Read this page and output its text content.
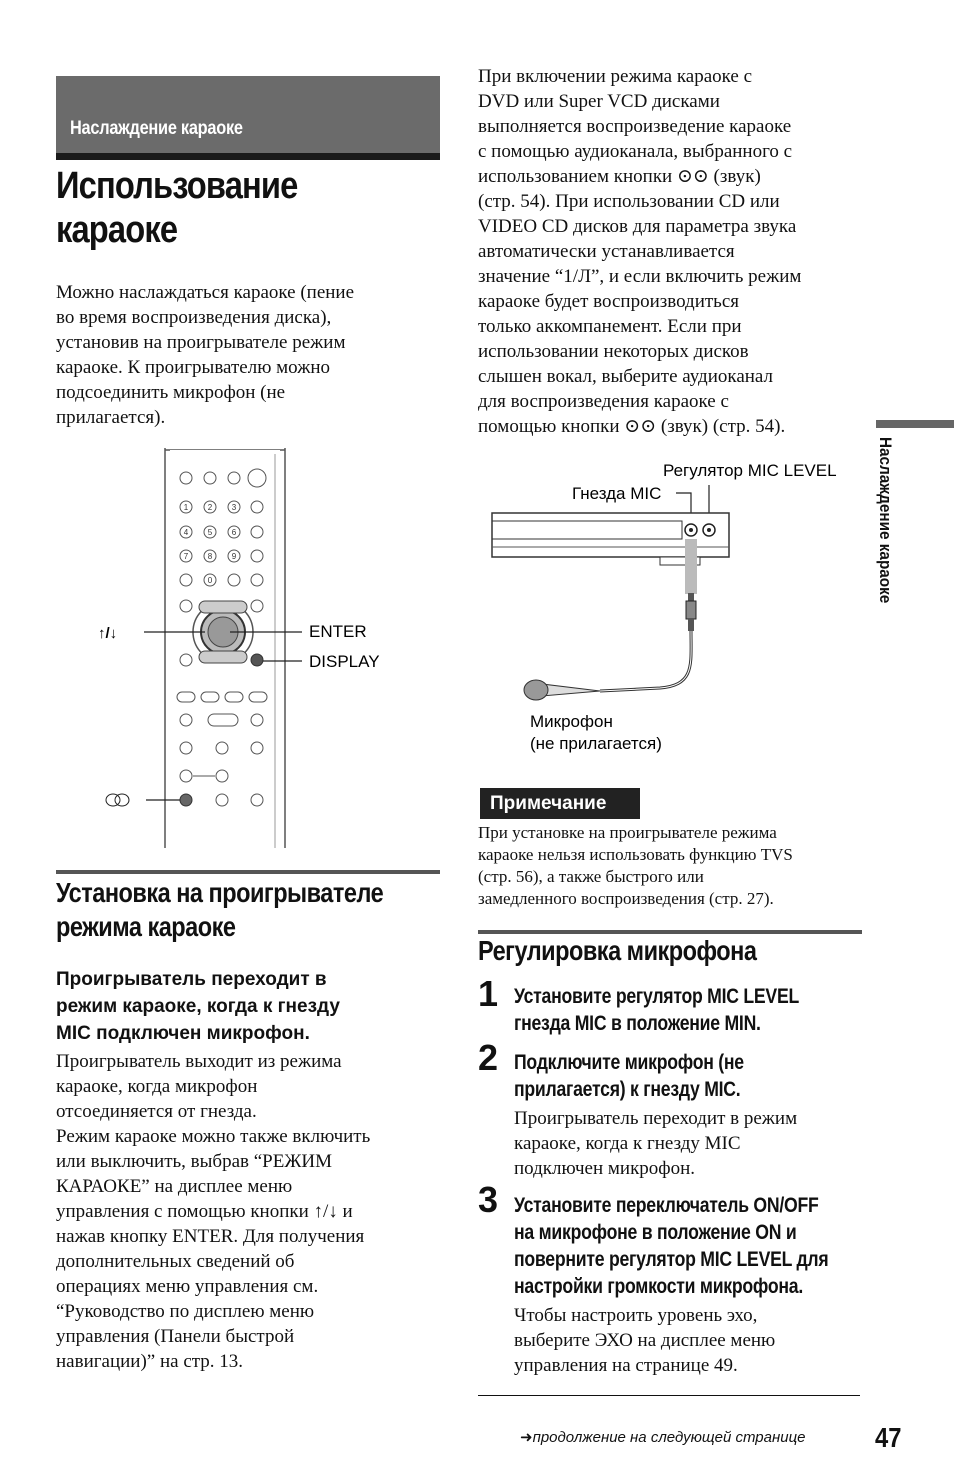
Наслаждение караоке
Использование
караоке
Можно наслаждаться караоке (пение
во время воспроизведения диска),
установив на проигрывателе режим
караоке. К проигрывателю можно
подсоединить микрофон (не
прилагается).
1 2 3
4 5 6
7 8 9
0
↑/↓	ENTER
DISPLAY
Установка на проигрывателе
режима караоке
Проигрыватель переходит в
режим караоке, когда к гнезду
MIC подключен микрофон.
Проигрыватель выходит из режима
караоке, когда микрофон
отсоединяется от гнезда.
Режим караоке можно также включить
или выключить, выбрав “РЕЖИМ
КАРАОКЕ” на дисплее меню
управления с помощью кнопки ↑/↓ и
нажав кнопку ENTER. Для получения
дополнительных сведений об
операциях меню управления см.
“Руководство по дисплею меню
управления (Панели быстрой
навигации)” на стр. 13.
При включении режима караоке с
DVD или Super VCD дисками
выполняется воспроизведение караоке
с помощью аудиоканала, выбранного с
использованием кнопки ⊙⊙ (звук)
(стр. 54). При использовании CD или
VIDEO CD дисков для параметра звука
автоматически устанавливается
значение “1/Л”, и если включить режим
караоке будет воспроизводиться
только аккомпанемент. Если при
использовании некоторых дисков
слышен вокал, выберите аудиоканал
для воспроизведения караоке с
помощью кнопки ⊙⊙ (звук) (стр. 54).
Регулятор MIC LEVEL
Гнезда MIC
Микрофон
(не прилагается)
Примечание
При установке на проигрывателе режима
караоке нельзя использовать функцию TVS
(стр. 56), а также быстрого или
замедленного воспроизведения (стр. 27).
Регулировка микрофона
1 Установите регулятор MIC LEVEL
гнезда MIC в положение MIN.
2 Подключите микрофон (не
прилагается) к гнезду MIC.
Проигрыватель переходит в режим
караоке, когда к гнезду MIC
подключен микрофон.
3 Установите переключатель ON/OFF
на микрофоне в положение ON и
поверните регулятор MIC LEVEL для
настройки громкости микрофона.
Чтобы настроить уровень эхо,
выберите ЭХО на дисплее меню
управления на странице 49.
Наслаждение караоке
➜продолжение на следующей странице 47
